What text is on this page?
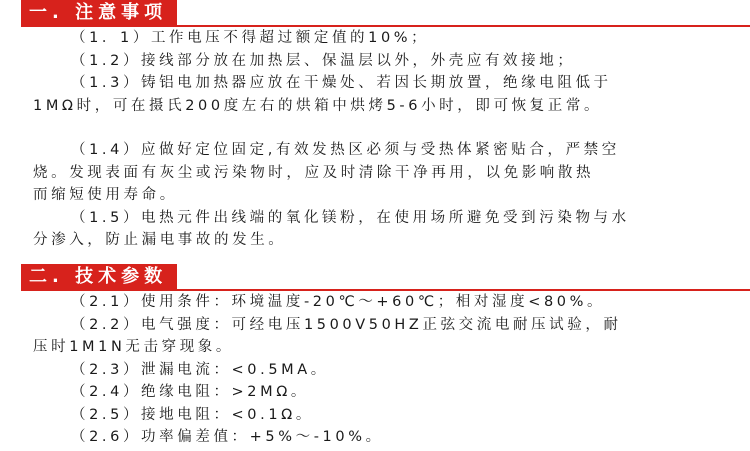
一. 注意事项

（1．1）工作电压不得超过额定值的10%；

（1.2）接线部分放在加热层、保温层以外，外壳应有效接地；

（1.3）铸铝电加热器应放在干燥处、若因长期放置，绝缘电阻低于

1MΩ时，可在摄氏200度左右的烘箱中烘烤5-6小时，即可恢复正常。

（1.4）应做好定位固定,有效发热区必须与受热体紧密贴合，严禁空

烧。发现表面有灰尘或污染物时，应及时清除干净再用，以免影响散热

而缩短使用寿命。

（1.5）电热元件出线端的氧化镁粉，在使用场所避免受到污染物与水

分渗入，防止漏电事故的发生。

二. 技术参数

（2.1）使用条件：环境温度-20℃～+60℃；相对湿度<80%。

（2.2）电气强度：可经电压1500V50HZ正弦交流电耐压试验，耐

压时1M1N无击穿现象。

（2.3）泄漏电流：<0.5MA。

（2.4）绝缘电阻：>2MΩ。

（2.5）接地电阻：<0.1Ω。

（2.6）功率偏差值：+5%～-10%。
